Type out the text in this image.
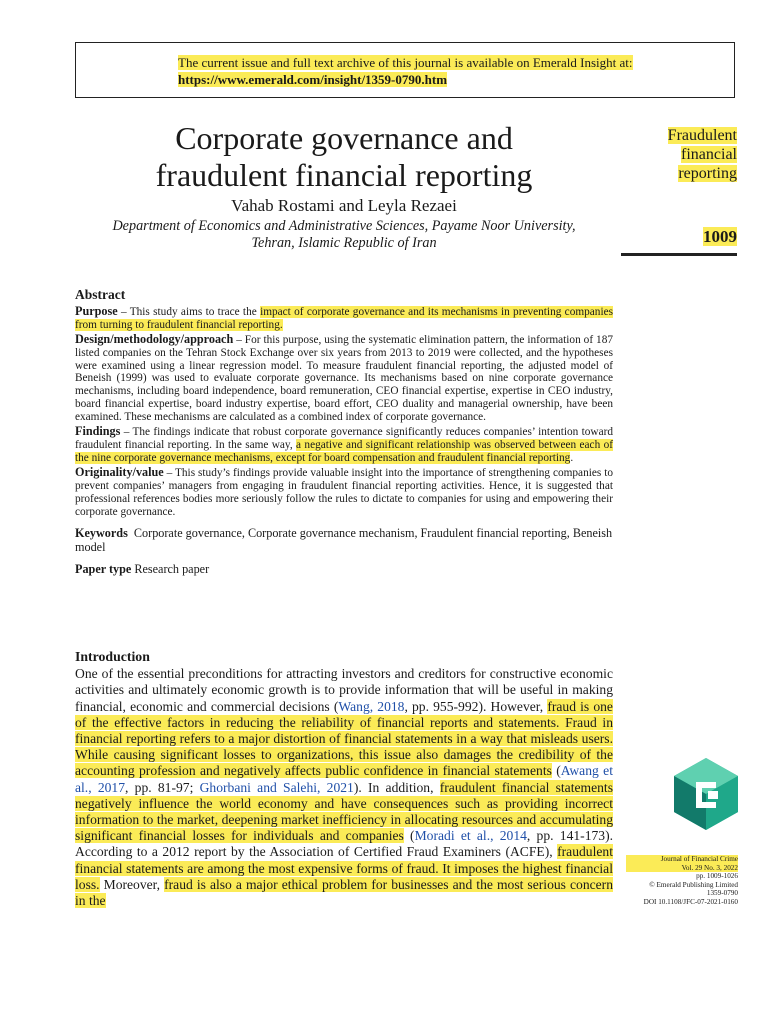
The current issue and full text archive of this journal is available on Emerald Insight at:
https://www.emerald.com/insight/1359-0790.htm
Corporate governance and
fraudulent financial reporting
Vahab Rostami and Leyla Rezaei
Department of Economics and Administrative Sciences, Payame Noor University,
Tehran, Islamic Republic of Iran
Fraudulent
financial
reporting
1009
Abstract

Purpose – This study aims to trace the impact of corporate governance and its mechanisms in preventing companies from turning to fraudulent financial reporting.

Design/methodology/approach – For this purpose, using the systematic elimination pattern, the information of 187 listed companies on the Tehran Stock Exchange over six years from 2013 to 2019 were collected, and the hypotheses were examined using a linear regression model. To measure fraudulent financial reporting, the adjusted model of Beneish (1999) was used to evaluate corporate governance. Its mechanisms based on nine corporate governance mechanisms, including board independence, board remuneration, CEO financial expertise, expertise in CEO industry, board financial expertise, board industry expertise, board effort, CEO duality and managerial ownership, have been examined. These mechanisms are calculated as a combined index of corporate governance.

Findings – The findings indicate that robust corporate governance significantly reduces companies’ intention toward fraudulent financial reporting. In the same way, a negative and significant relationship was observed between each of the nine corporate governance mechanisms, except for board compensation and fraudulent financial reporting.

Originality/value – This study’s findings provide valuable insight into the importance of strengthening companies to prevent companies’ managers from engaging in fraudulent financial reporting activities. Hence, it is suggested that professional references bodies more seriously follow the rules to dictate to companies for using and empowering their corporate governance.

Keywords Corporate governance, Corporate governance mechanism, Fraudulent financial reporting, Beneish model
Paper type Research paper
Introduction

One of the essential preconditions for attracting investors and creditors for constructive economic activities and ultimately economic growth is to provide information that will be useful in making financial, economic and commercial decisions (Wang, 2018, pp. 955-992). However, fraud is one of the effective factors in reducing the reliability of financial reports and statements. Fraud in financial reporting refers to a major distortion of financial statements in a way that misleads users. While causing significant losses to organizations, this issue also damages the credibility of the accounting profession and negatively affects public confidence in financial statements (Awang et al., 2017, pp. 81-97; Ghorbani and Salehi, 2021). In addition, fraudulent financial statements negatively influence the world economy and have consequences such as providing incorrect information to the market, deepening market inefficiency in allocating resources and accumulating significant financial losses for individuals and companies (Moradi et al., 2014, pp. 141-173). According to a 2012 report by the Association of Certified Fraud Examiners (ACFE), fraudulent financial statements are among the most expensive forms of fraud. It imposes the highest financial loss. Moreover, fraud is also a major ethical problem for businesses and the most serious concern in the

Journal of Financial Crime
Vol. 29 No. 3, 2022
pp. 1009-1026
© Emerald Publishing Limited
1359-0790
DOI 10.1108/JFC-07-2021-0160
